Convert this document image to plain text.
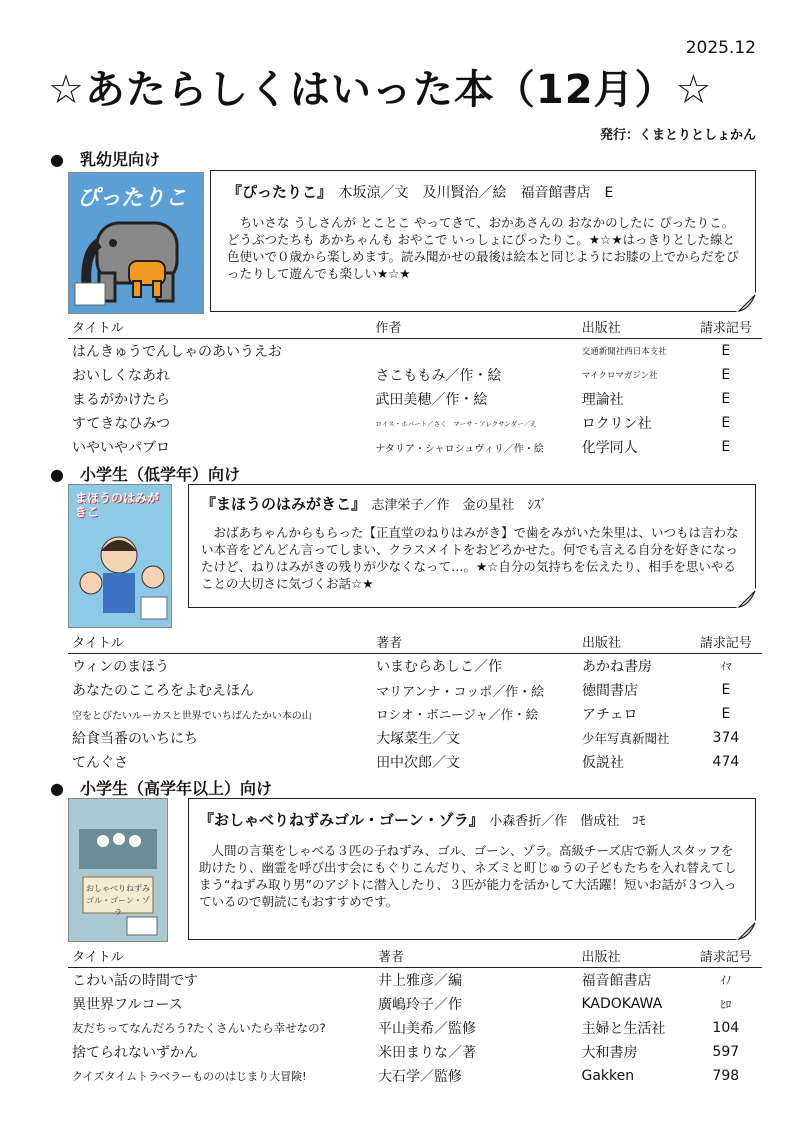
2025.12
☆あたらしくはいった本（12月）☆
発行：くまとりとしょかん
●　乳幼児向け
ぴったりこ	『ぴったりこ』　木坂涼／文　及川賢治／絵　福音館書店　E
　ちいさな うしさんが とことこ やってきて、おかあさんの おなかのしたに ぴったりこ。どうぶつたちも あかちゃんも おやこで いっしょにぴったりこ。★☆★はっきりとした線と色使いで０歳から楽しめます。読み聞かせの最後は絵本と同じようにお膝の上でからだをぴったりして遊んでも楽しい★☆★
タイトル	作者	出版社	請求記号
はんきゅうでんしゃのあいうえお		交通新聞社西日本支社	E
おいしくなあれ	さこももみ／作・絵	マイクロマガジン社	E
まるがかけたら	武田美穂／作・絵	理論社	E
すてきなひみつ	ロイス・ホバート／さく　マーサ・アレクサンダー／え	ロクリン社	E
いやいやパブロ	ナタリア・シャロシュヴィリ／作・絵	化学同人	E
●　小学生（低学年）向け
まほうのはみがきこ	『まほうのはみがきこ』　志津栄子／作　金の星社　ｼｽﾞ
　おばあちゃんからもらった【正直堂のねりはみがき】で歯をみがいた朱里は、いつもは言わない本音をどんどん言ってしまい、クラスメイトをおどろかせた。何でも言える自分を好きになったけど、ねりはみがきの残りが少なくなって…。★☆自分の気持ちを伝えたり、相手を思いやることの大切さに気づくお話☆★
タイトル	著者	出版社	請求記号
ウィンのまほう	いまむらあしこ／作	あかね書房	ｲﾏ
あなたのこころをよむえほん	マリアンナ・コッポ／作・絵	徳間書店	E
空をとびたいルーカスと世界でいちばんたかい本の山	ロシオ・ボニージャ／作・絵	アチェロ	E
給食当番のいちにち	大塚菜生／文	少年写真新聞社	374
てんぐさ	田中次郎／文	仮説社	474
●　小学生（高学年以上）向け
おしゃべりねずみ ゴル・ゴーン・ゾラ
『おしゃべりねずみゴル・ゴーン・ゾラ』　小森香折／作　偕成社　ｺﾓ
　人間の言葉をしゃべる３匹の子ねずみ、ゴル、ゴーン、ゾラ。高級チーズ店で新人スタッフを助けたり、幽霊を呼び出す会にもぐりこんだり、ネズミと町じゅうの子どもたちを入れ替えてしまう“ねずみ取り男”のアジトに潜入したり、３匹が能力を活かして大活躍！短いお話が３つ入っているので朝読にもおすすめです。
タイトル	著者	出版社	請求記号
こわい話の時間です	井上雅彦／編	福音館書店	ｲﾉ
異世界フルコース	廣嶋玲子／作	KADOKAWA	ﾋﾛ
友だちってなんだろう?たくさんいたら幸せなの?	平山美希／監修	主婦と生活社	104
捨てられないずかん	米田まりな／著	大和書房	597
クイズタイムトラベラーもののはじまり大冒険!	大石学／監修	Gakken	798
